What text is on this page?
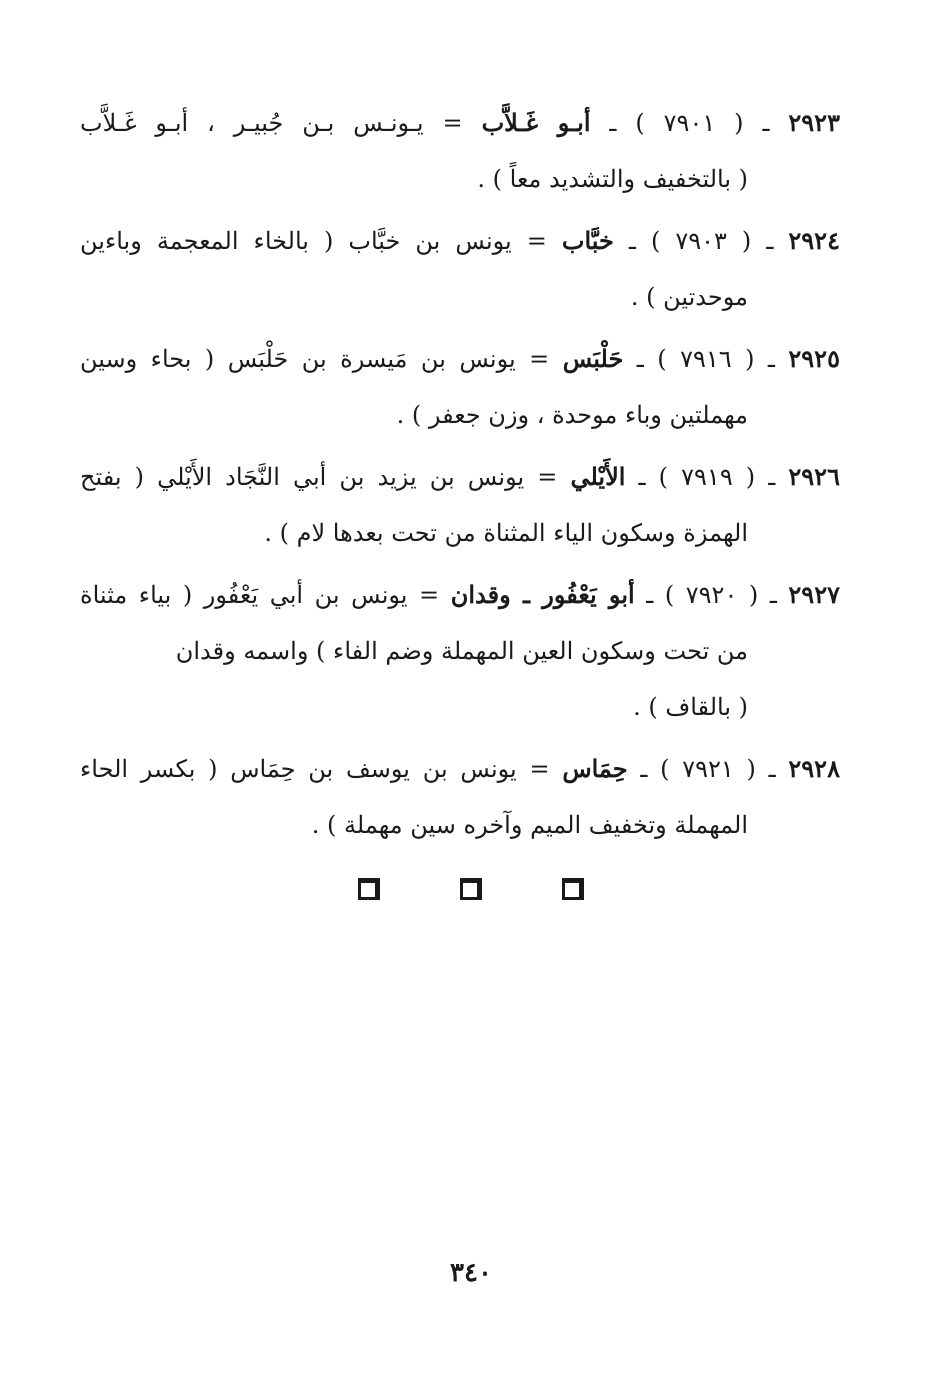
٢٩٢٣ ـ ( ٧٩٠١ ) ـ أبـو غَـلاَّب = يـونـس بـن جُبيـر ، أبـو غَـلاَّب
( بالتخفيف والتشديد معاً ) .
٢٩٢٤ ـ ( ٧٩٠٣ ) ـ خبَّاب = يونس بن خبَّاب ( بالخاء المعجمة وباءين
موحدتين ) .
٢٩٢٥ ـ ( ٧٩١٦ ) ـ حَلْبَس = يونس بن مَيسرة بن حَلْبَس ( بحاء وسين
مهملتين وباء موحدة ، وزن جعفر ) .
٢٩٢٦ ـ ( ٧٩١٩ ) ـ الأَيْلي = يونس بن يزيد بن أبي النَّجَاد الأَيْلي ( بفتح
الهمزة وسكون الياء المثناة من تحت بعدها لام ) .
٢٩٢٧ ـ ( ٧٩٢٠ ) ـ أبو يَعْفُور ـ وقدان = يونس بن أبي يَعْفُور ( بياء مثناة
من تحت وسكون العين المهملة وضم الفاء ) واسمه وقدان
( بالقاف ) .
٢٩٢٨ ـ ( ٧٩٢١ ) ـ حِمَاس = يونس بن يوسف بن حِمَاس ( بكسر الحاء
المهملة وتخفيف الميم وآخره سين مهملة ) .
٣٤٠
